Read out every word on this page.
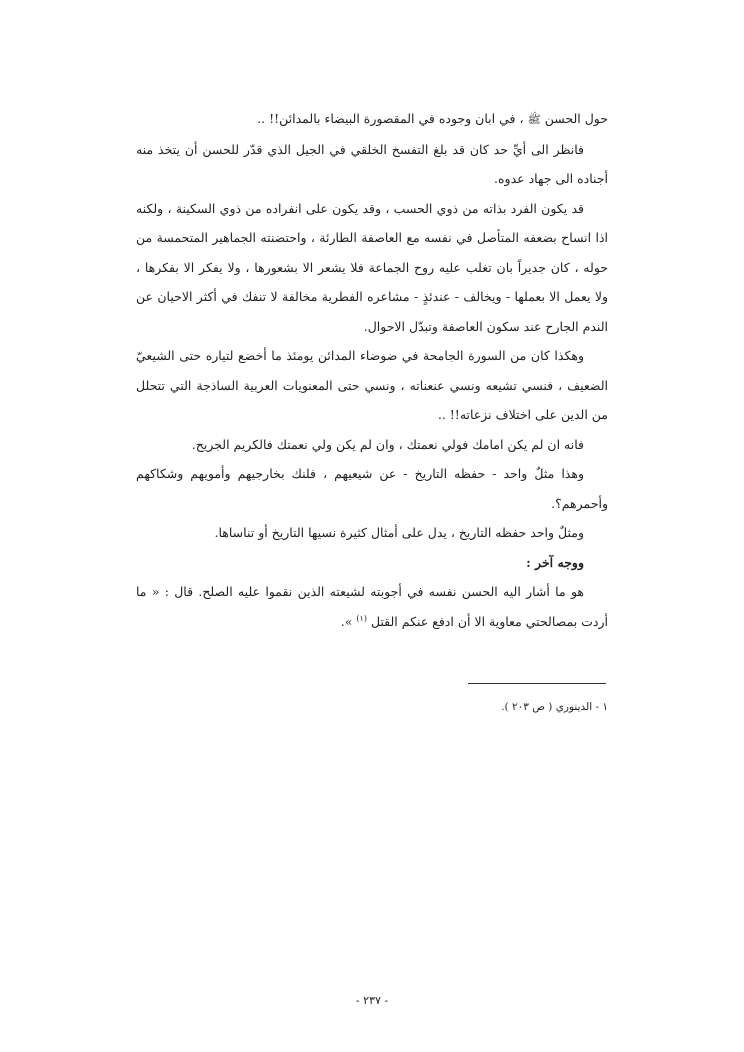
حول الحسن ﷺ ، في ابان وجوده في المقصورة البيضاء بالمدائن!! ..

فانظر الى أيِّ حد كان قد بلغ التفسخ الخلقي في الجيل الذي قدّر للحسن أن يتخذ منه أجناده الى جهاد عدوه.

قد يكون الفرد بذاته من ذوي الحسب ، وقد يكون على انفراده من ذوي السكينة ، ولكنه اذا انساح بضعفه المتأصل في نفسه مع العاصفة الطارئة ، واحتضنته الجماهير المتحمسة من حوله ، كان جديراً بان تغلب عليه روح الجماعة فلا يشعر الا بشعورها ، ولا يفكر الا بفكرها ، ولا يعمل الا بعملها - ويخالف - عندئذٍ - مشاعره الفطرية مخالفة لا تنفك في أكثر الاحيان عن الندم الجارح عند سكون العاصفة وتبدّل الاحوال.

وهكذا كان من السورة الجامحة في ضوضاء المدائن يومئذ ما أخضع لتياره حتى الشيعيّ الضعيف ، فنسي تشيعه ونسي عنعناته ، ونسي حتى المعنويات العربية الساذجة التي تتحلل من الدين على اختلاف نزعاته!! ..

فانه ان لم يكن امامك فولي نعمتك ، وان لم يكن ولي نعمتك فالكريم الجريح.

وهذا مثلٌ واحد - حفظه التاريخ - عن شيعيهم ، فلنك بخارجيهم وأمويهم وشكاكهم وأحمرهم؟.

ومثلٌ واحد حفظه التاريخ ، يدل على أمثال كثيرة نسيها التاريخ أو تناساها.

ووجه آخر :

هو ما أشار اليه الحسن نفسه في أجوبته لشيعته الذين نقموا عليه الصلح. قال : « ما أردت بمصالحتي معاوية الا أن ادفع عنكم القتل $^{(١)}$ ».

١ - الدينوري ( ص ٢٠٣ ).
- ٢٣٧ -
